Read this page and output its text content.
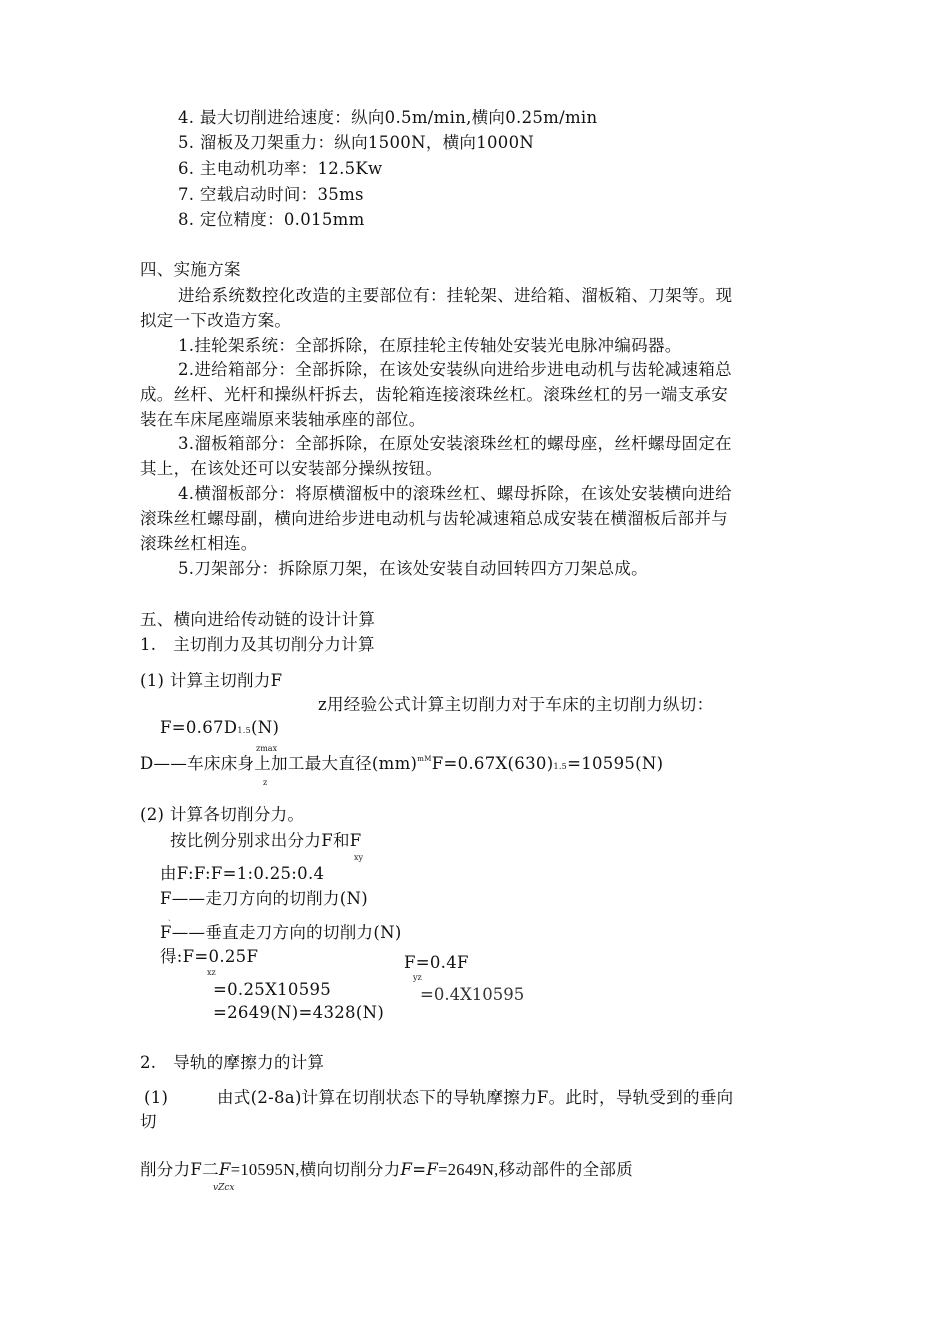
4. 最大切削进给速度：纵向0.5m/min,横向0.25m/min
5. 溜板及刀架重力：纵向1500N，横向1000N
6. 主电动机功率：12.5Kw
7. 空载启动时间：35ms
8. 定位精度：0.015mm
四、实施方案
进给系统数控化改造的主要部位有：挂轮架、进给箱、溜板箱、刀架等。现
拟定一下改造方案。
1.挂轮架系统：全部拆除，在原挂轮主传轴处安装光电脉冲编码器。
2.进给箱部分：全部拆除，在该处安装纵向进给步进电动机与齿轮减速箱总
成。丝杆、光杆和操纵杆拆去，齿轮箱连接滚珠丝杠。滚珠丝杠的另一端支承安
装在车床尾座端原来装轴承座的部位。
3.溜板箱部分：全部拆除，在原处安装滚珠丝杠的螺母座，丝杆螺母固定在
其上，在该处还可以安装部分操纵按钮。
4.横溜板部分：将原横溜板中的滚珠丝杠、螺母拆除，在该处安装横向进给
滚珠丝杠螺母副，横向进给步进电动机与齿轮减速箱总成安装在横溜板后部并与
滚珠丝杠相连。
5.刀架部分：拆除原刀架，在该处安装自动回转四方刀架总成。
五、横向进给传动链的设计计算
1.　主切削力及其切削分力计算
(1) 计算主切削力F
z用经验公式计算主切削力对于车床的主切削力纵切：
F=0.67D1.5(N)
zmax
D——车床床身上加工最大直径(mm)$^{mM}$F=0.67X(630)1.5=10595(N)
z
(2) 计算各切削分力。
按比例分别求出分力F和F
xy
由F:F:F=1:0.25:0.4
F——走刀方向的切削力(N)
ˎ
F——垂直走刀方向的切削力(N)
得:F=0.25F	F=0.4F
xz
yz
=0.25X10595	=0.4X10595
=2649(N)=4328(N)
2.　导轨的摩擦力的计算
(1)	由式(2-8a)计算在切削状态下的导轨摩擦力F。此时，导轨受到的垂向
切
削分力F二F=10595N,横向切削分力F=F=2649N,移动部件的全部质
vZcx
